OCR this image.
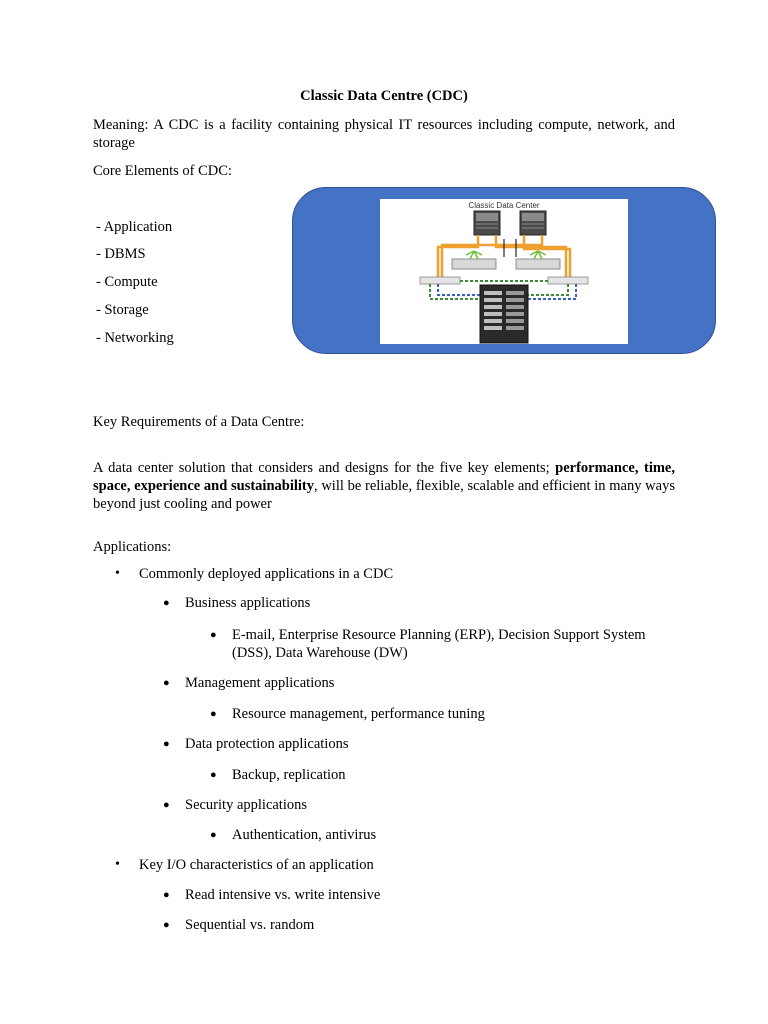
Classic Data Centre (CDC)
Meaning: A CDC is a facility containing physical IT resources including compute, network, and storage
Core Elements of CDC:
- Application
- DBMS
- Compute
- Storage
- Networking
Classic Data Center
Key Requirements of a Data Centre:
A data center solution that considers and designs for the five key elements; performance, time, space, experience and sustainability, will be reliable, flexible, scalable and efficient in many ways beyond just cooling and power
Applications:
• Commonly deployed applications in a CDC
● Business applications
● E-mail, Enterprise Resource Planning (ERP), Decision Support System (DSS), Data Warehouse (DW)
● Management applications
● Resource management, performance tuning
● Data protection applications
● Backup, replication
● Security applications
● Authentication, antivirus
• Key I/O characteristics of an application
● Read intensive vs. write intensive
● Sequential vs. random
